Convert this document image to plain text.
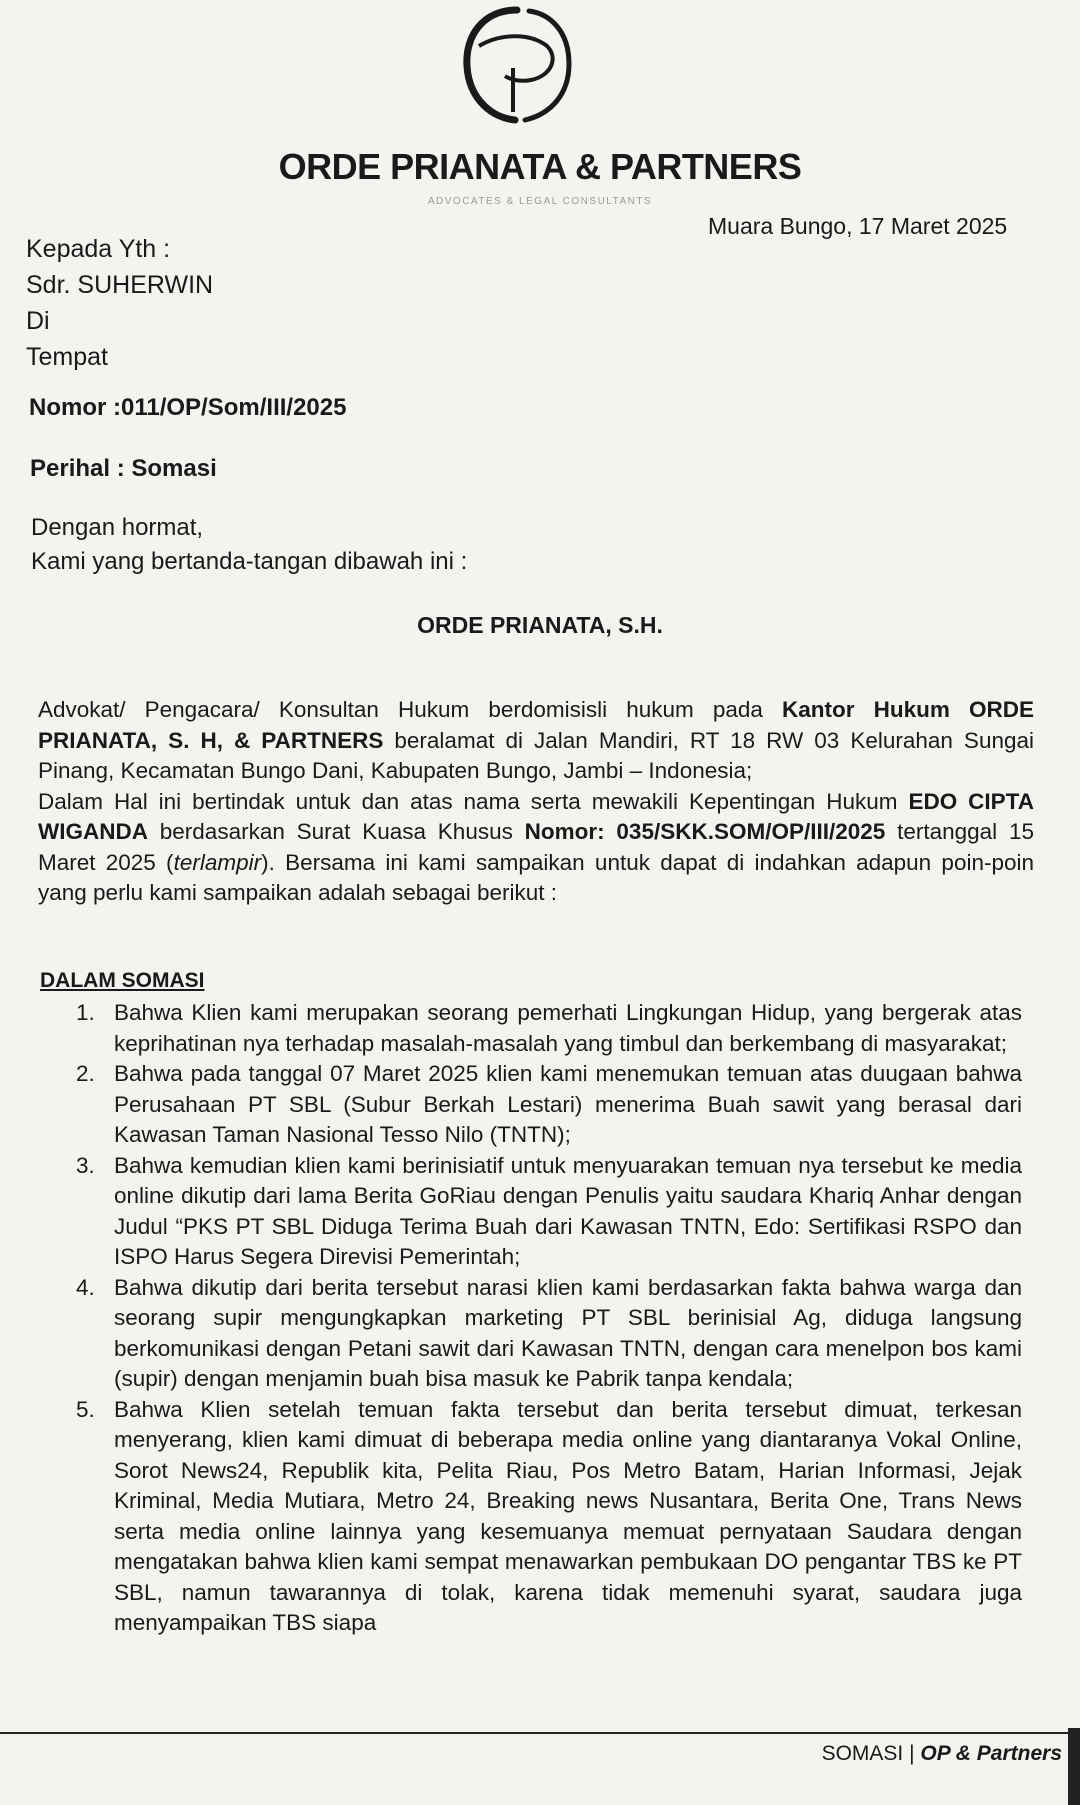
ORDE PRIANATA & PARTNERS
ADVOCATES & LEGAL CONSULTANTS
Muara Bungo, 17 Maret 2025
Kepada Yth :
Sdr. SUHERWIN
Di
Tempat
Nomor :011/OP/Som/III/2025
Perihal : Somasi
Dengan hormat,
Kami yang bertanda-tangan dibawah ini :
ORDE PRIANATA, S.H.
Advokat/ Pengacara/ Konsultan Hukum berdomisisli hukum pada Kantor Hukum ORDE PRIANATA, S. H, & PARTNERS beralamat di Jalan Mandiri, RT 18 RW 03 Kelurahan Sungai Pinang, Kecamatan Bungo Dani, Kabupaten Bungo, Jambi – Indonesia;
Dalam Hal ini bertindak untuk dan atas nama serta mewakili Kepentingan Hukum EDO CIPTA WIGANDA berdasarkan Surat Kuasa Khusus Nomor: 035/SKK.SOM/OP/III/2025 tertanggal 15 Maret 2025 (terlampir). Bersama ini kami sampaikan untuk dapat di indahkan adapun poin-poin yang perlu kami sampaikan adalah sebagai berikut :
DALAM SOMASI
1. Bahwa Klien kami merupakan seorang pemerhati Lingkungan Hidup, yang bergerak atas keprihatinan nya terhadap masalah-masalah yang timbul dan berkembang di masyarakat;
2. Bahwa pada tanggal 07 Maret 2025 klien kami menemukan temuan atas duugaan bahwa Perusahaan PT SBL (Subur Berkah Lestari) menerima Buah sawit yang berasal dari Kawasan Taman Nasional Tesso Nilo (TNTN);
3. Bahwa kemudian klien kami berinisiatif untuk menyuarakan temuan nya tersebut ke media online dikutip dari lama Berita GoRiau dengan Penulis yaitu saudara Khariq Anhar dengan Judul “PKS PT SBL Diduga Terima Buah dari Kawasan TNTN, Edo: Sertifikasi RSPO dan ISPO Harus Segera Direvisi Pemerintah;
4. Bahwa dikutip dari berita tersebut narasi klien kami berdasarkan fakta bahwa warga dan seorang supir mengungkapkan marketing PT SBL berinisial Ag, diduga langsung berkomunikasi dengan Petani sawit dari Kawasan TNTN, dengan cara menelpon bos kami (supir) dengan menjamin buah bisa masuk ke Pabrik tanpa kendala;
5. Bahwa Klien setelah temuan fakta tersebut dan berita tersebut dimuat, terkesan menyerang, klien kami dimuat di beberapa media online yang diantaranya Vokal Online, Sorot News24, Republik kita, Pelita Riau, Pos Metro Batam, Harian Informasi, Jejak Kriminal, Media Mutiara, Metro 24, Breaking news Nusantara, Berita One, Trans News serta media online lainnya yang kesemuanya memuat pernyataan Saudara dengan mengatakan bahwa klien kami sempat menawarkan pembukaan DO pengantar TBS ke PT SBL, namun tawarannya di tolak, karena tidak memenuhi syarat, saudara juga menyampaikan TBS siapa
SOMASI | OP & Partners
